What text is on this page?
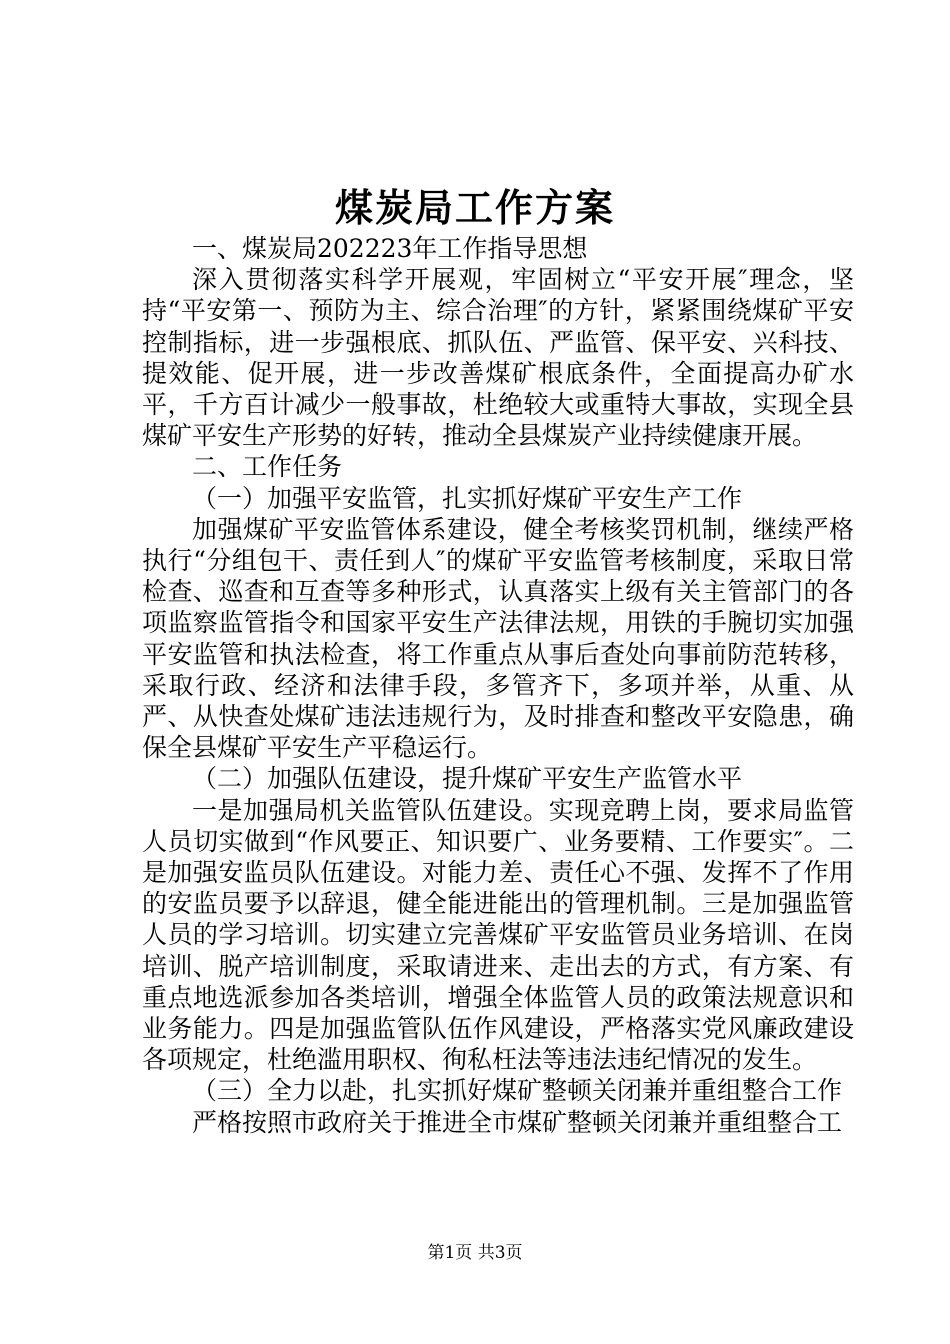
煤炭局工作方案

一、煤炭局202223年工作指导思想

深入贯彻落实科学开展观，牢固树立“平安开展″理念，坚持“平安第一、预防为主、综合治理″的方针，紧紧围绕煤矿平安控制指标，进一步强根底、抓队伍、严监管、保平安、兴科技、提效能、促开展，进一步改善煤矿根底条件，全面提高办矿水平，千方百计减少一般事故，杜绝较大或重特大事故，实现全县煤矿平安生产形势的好转，推动全县煤炭产业持续健康开展。

二、工作任务

（一）加强平安监管，扎实抓好煤矿平安生产工作

加强煤矿平安监管体系建设，健全考核奖罚机制，继续严格执行“分组包干、责任到人″的煤矿平安监管考核制度，采取日常检查、巡查和互查等多种形式，认真落实上级有关主管部门的各项监察监管指令和国家平安生产法律法规，用铁的手腕切实加强平安监管和执法检查，将工作重点从事后查处向事前防范转移，采取行政、经济和法律手段，多管齐下，多项并举，从重、从严、从快查处煤矿违法违规行为，及时排查和整改平安隐患，确保全县煤矿平安生产平稳运行。

（二）加强队伍建设，提升煤矿平安生产监管水平

一是加强局机关监管队伍建设。实现竞聘上岗，要求局监管人员切实做到“作风要正、知识要广、业务要精、工作要实″。二是加强安监员队伍建设。对能力差、责任心不强、发挥不了作用的安监员要予以辞退，健全能进能出的管理机制。三是加强监管人员的学习培训。切实建立完善煤矿平安监管员业务培训、在岗培训、脱产培训制度，采取请进来、走出去的方式，有方案、有重点地选派参加各类培训，增强全体监管人员的政策法规意识和业务能力。四是加强监管队伍作风建设，严格落实党风廉政建设各项规定，杜绝滥用职权、徇私枉法等违法违纪情况的发生。

（三）全力以赴，扎实抓好煤矿整顿关闭兼并重组整合工作

严格按照市政府关于推进全市煤矿整顿关闭兼并重组整合工

第1页 共3页
